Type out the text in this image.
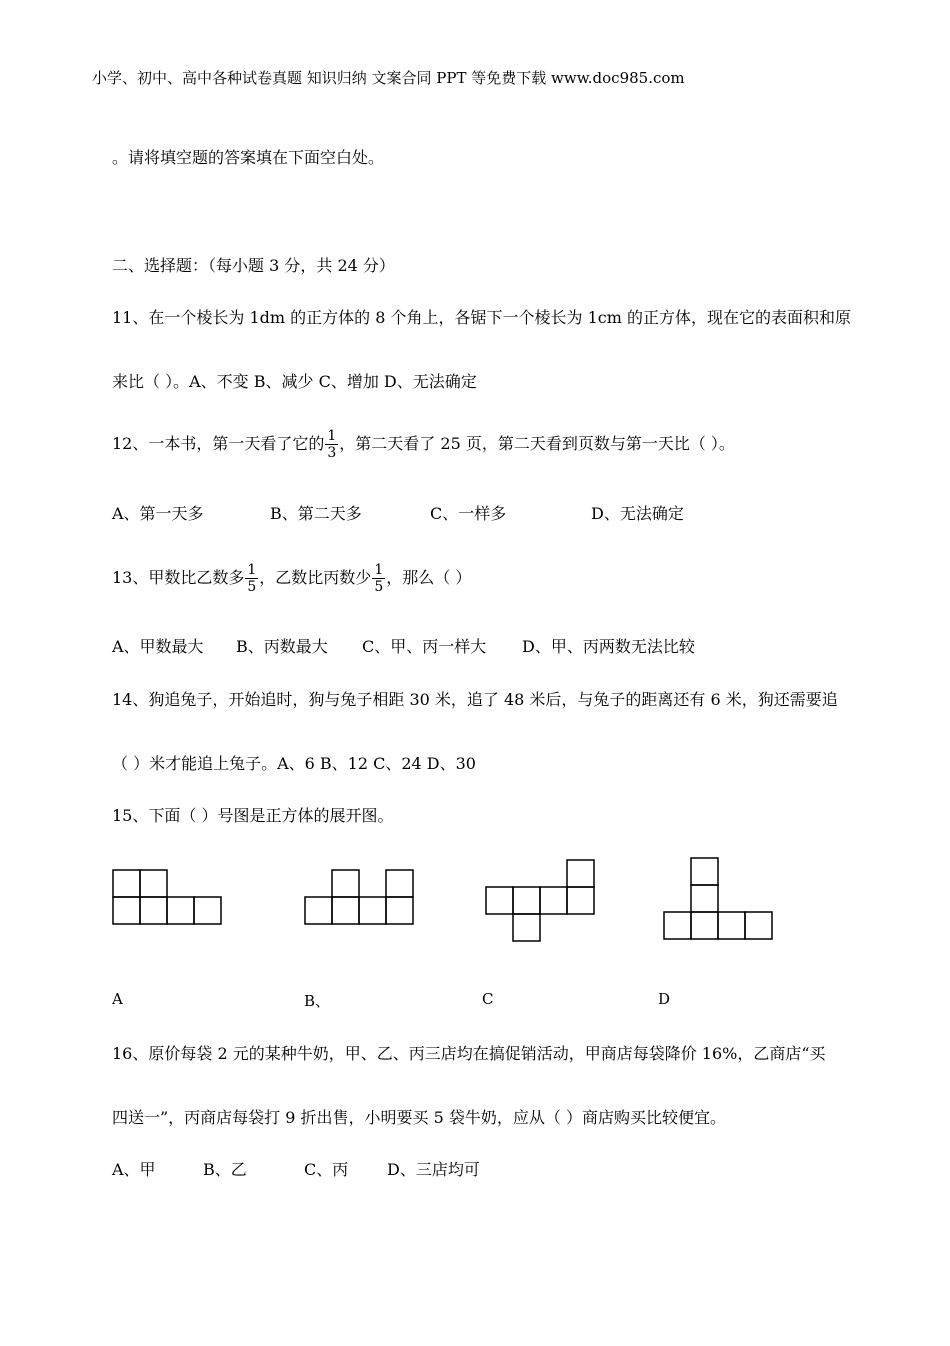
小学、初中、高中各种试卷真题 知识归纳 文案合同 PPT 等免费下载 www.doc985.com
。请将填空题的答案填在下面空白处。
二、选择题：（每小题 3 分，共 24 分）
11、在一个棱长为 1dm 的正方体的 8 个角上，各锯下一个棱长为 1cm 的正方体，现在它的表面积和原
来比（ ）。A、不变 B、减少 C、增加 D、无法确定
12、一本书，第一天看了它的 $\frac{1}{3}$ ，第二天看了 25 页，第二天看到页数与第一天比（ ）。
A、第一天多	B、第二天多	C、一样多	D、无法确定
13、甲数比乙数多 $\frac{1}{5}$ ，乙数比丙数少 $\frac{1}{5}$ ，那么（ ）
A、甲数最大 B、丙数最大 C、甲、丙一样大 D、甲、丙两数无法比较
14、狗追兔子，开始追时，狗与兔子相距 30 米，追了 48 米后，与兔子的距离还有 6 米，狗还需要追
（ ）米才能追上兔子。A、6 B、12 C、24 D、30
15、下面（ ）号图是正方体的展开图。
A	B、	C	D
16、原价每袋 2 元的某种牛奶，甲、乙、丙三店均在搞促销活动，甲商店每袋降价 16%，乙商店“买
四送一”，丙商店每袋打 9 折出售，小明要买 5 袋牛奶，应从（ ）商店购买比较便宜。
A、甲	B、乙	C、丙 D、三店均可
